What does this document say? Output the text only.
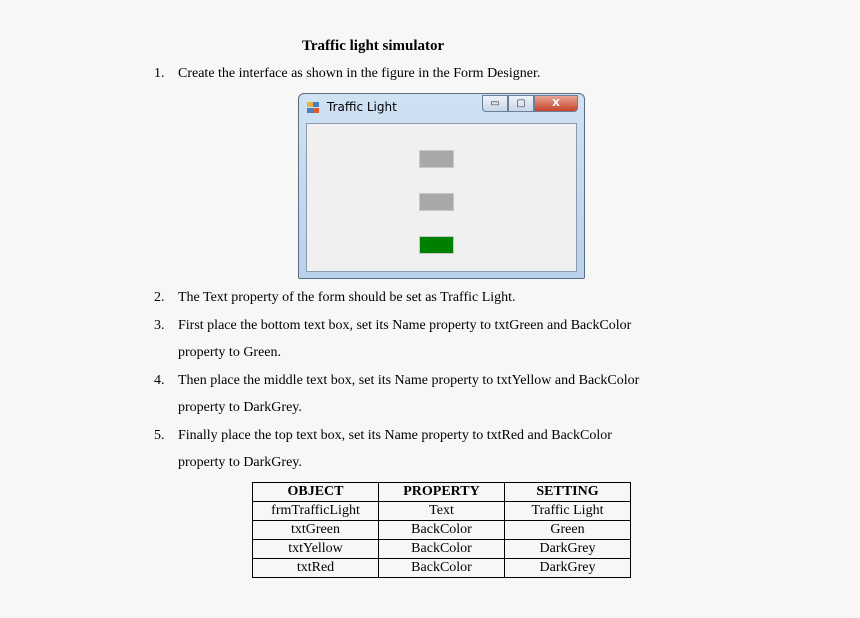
Traffic light simulator
1. Create the interface as shown in the figure in the Form Designer.
Traffic Light	▭	▢	X
2. The Text property of the form should be set as Traffic Light.
3. First place the bottom text box, set its Name property to txtGreen and BackColor
property to Green.
4. Then place the middle text box, set its Name property to txtYellow and BackColor
property to DarkGrey.
5. Finally place the top text box, set its Name property to txtRed and BackColor
property to DarkGrey.
OBJECT	PROPERTY	SETTING
frmTrafficLight	Text	Traffic Light
txtGreen	BackColor	Green
txtYellow	BackColor	DarkGrey
txtRed	BackColor	DarkGrey
